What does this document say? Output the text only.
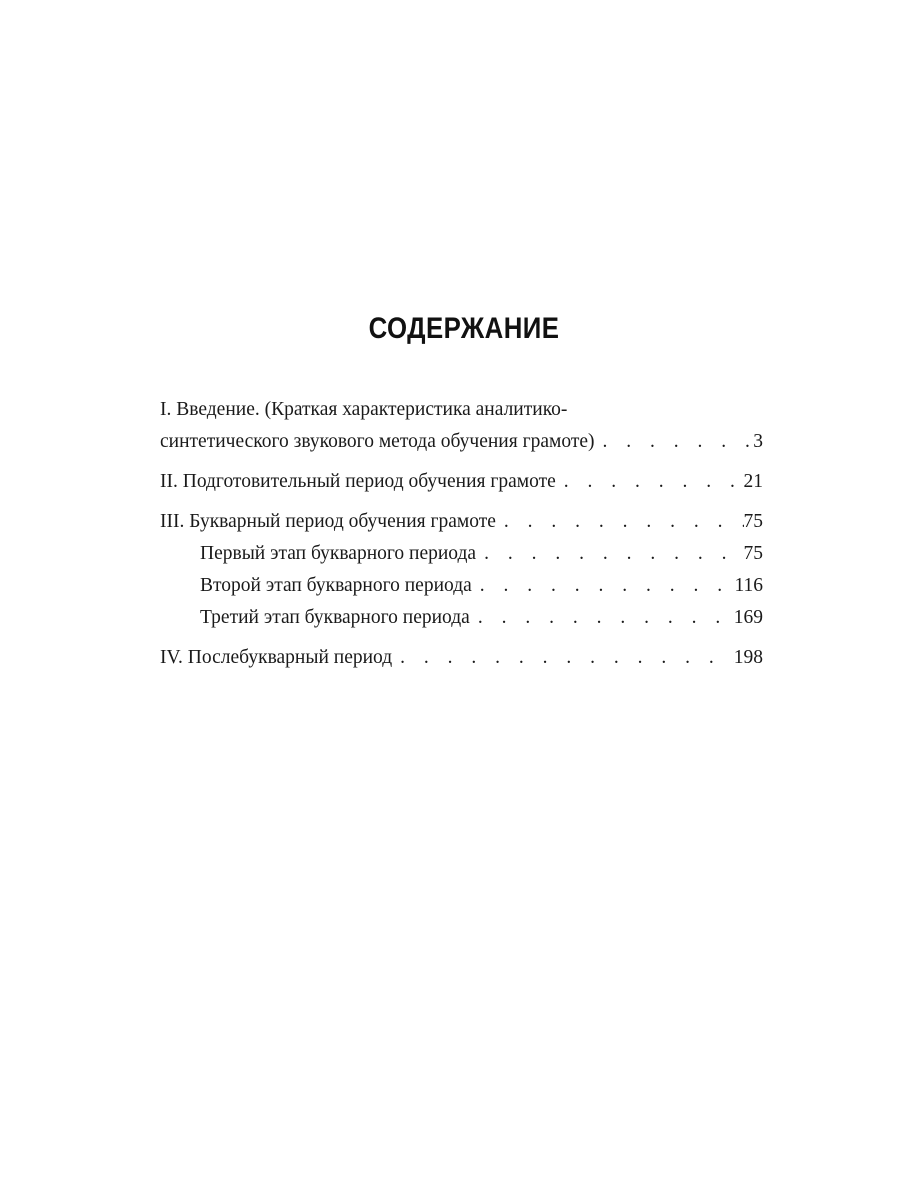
СОДЕРЖАНИЕ
I. Введение. (Краткая характеристика аналитико-
синтетического звукового метода обучения грамоте) . . .	3
II. Подготовительный период обучения грамоте . . .	21
III. Букварный период обучения грамоте . . .	75
Первый этап букварного периода . . .	75
Второй этап букварного периода . . .	116
Третий этап букварного периода . . .	169
IV. Послебукварный период . . .	198
